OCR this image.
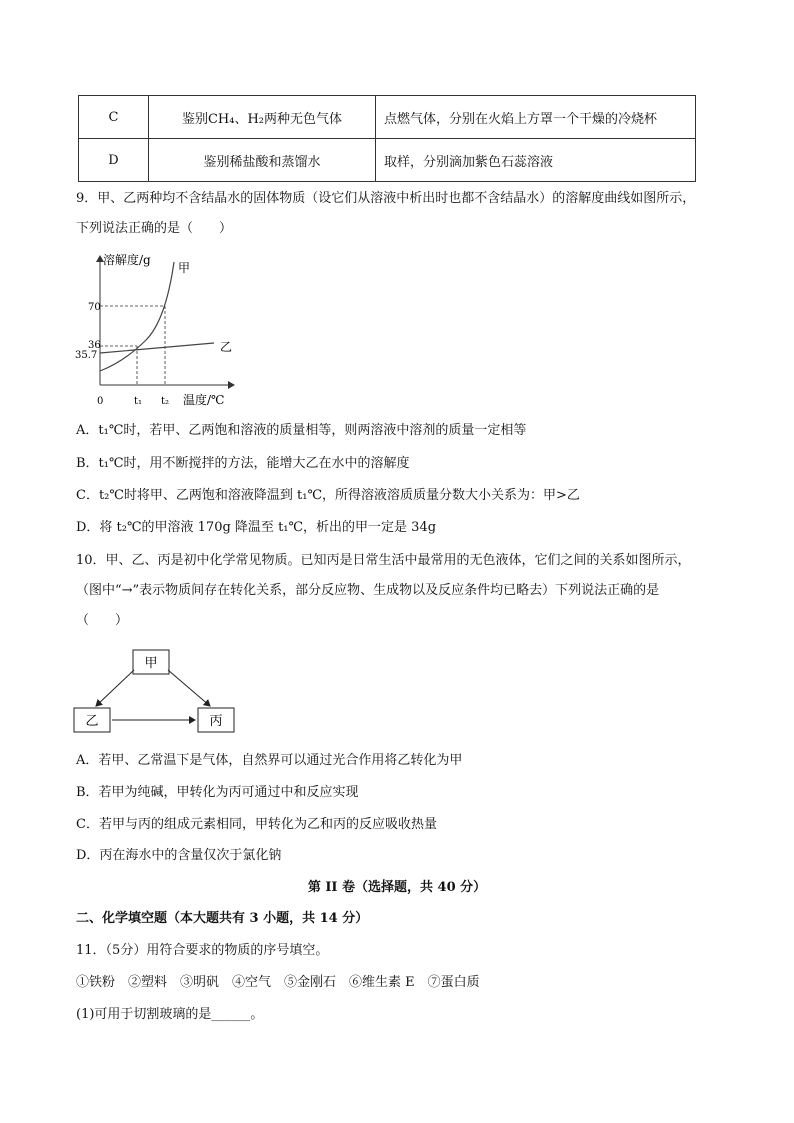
C	鉴别CH₄、H₂两种无色气体	点燃气体，分别在火焰上方罩一个干燥的冷烧杯
D	鉴别稀盐酸和蒸馏水	取样，分别滴加紫色石蕊溶液
9．甲、乙两种均不含结晶水的固体物质（设它们从溶液中析出时也都不含结晶水）的溶解度曲线如图所示，
下列说法正确的是（　　）
溶解度/g
甲
乙
70
36
35.7
0	t₁ t₂ 温度/℃
A．t₁℃时，若甲、乙两饱和溶液的质量相等，则两溶液中溶剂的质量一定相等
B．t₁℃时，用不断搅拌的方法，能增大乙在水中的溶解度
C．t₂℃时将甲、乙两饱和溶液降温到 t₁℃，所得溶液溶质质量分数大小关系为：甲>乙
D．将 t₂℃的甲溶液 170g 降温至 t₁℃，析出的甲一定是 34g
10．甲、乙、丙是初中化学常见物质。已知丙是日常生活中最常用的无色液体，它们之间的关系如图所示，
（图中“→”表示物质间存在转化关系，部分反应物、生成物以及反应条件均已略去）下列说法正确的是
（　　）
甲
乙	丙
A．若甲、乙常温下是气体，自然界可以通过光合作用将乙转化为甲
B．若甲为纯碱，甲转化为丙可通过中和反应实现
C．若甲与丙的组成元素相同，甲转化为乙和丙的反应吸收热量
D．丙在海水中的含量仅次于氯化钠
第 II 卷（选择题，共 40 分）
二、化学填空题（本大题共有 3 小题，共 14 分）
11．（5分）用符合要求的物质的序号填空。
①铁粉　②塑料　③明矾　④空气　⑤金刚石　⑥维生素 E　⑦蛋白质
(1)可用于切割玻璃的是______。
